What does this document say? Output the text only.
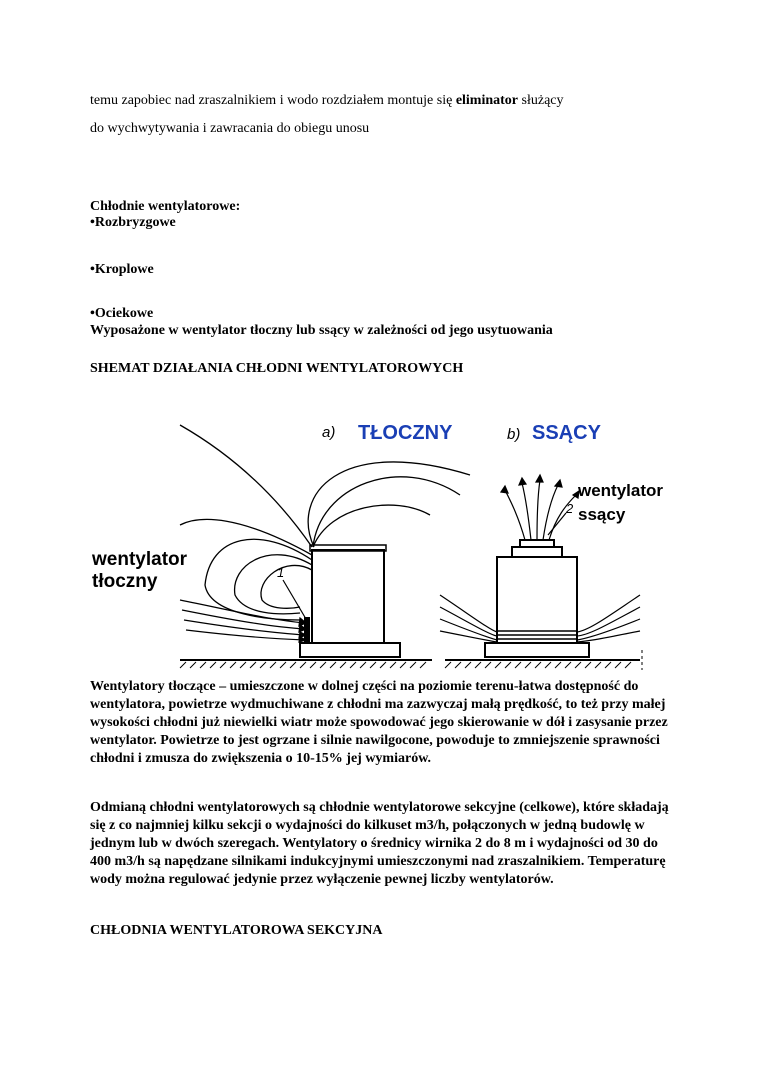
temu zapobiec nad zraszalnikiem i wodo rozdziałem montuje się eliminator służący
do wychwytywania i zawracania do obiegu unosu
Chłodnie wentylatorowe:
•Rozbryzgowe
•Kroplowe
•Ociekowe
Wyposażone w wentylator tłoczny lub ssący w zależności od jego usytuowania
SHEMAT DZIAŁANIA CHŁODNI WENTYLATOROWYCH
1
2
a) TŁOCZNY	b) SSĄCY
wentylator
tłoczny
wentylator
ssący
Wentylatory tłoczące – umieszczone w dolnej części na poziomie terenu-łatwa dostępność do wentylatora, powietrze wydmuchiwane z chłodni ma zazwyczaj małą prędkość, to też przy małej wysokości chłodni już niewielki wiatr może spowodować jego skierowanie w dół i zasysanie przez wentylator. Powietrze to jest ogrzane i silnie nawilgocone, powoduje to zmniejszenie sprawności chłodni i zmusza do zwiększenia o 10-15% jej wymiarów.
Odmianą chłodni wentylatorowych są chłodnie wentylatorowe sekcyjne (celkowe), które składają się z co najmniej kilku sekcji o wydajności do kilkuset m3/h, połączonych w jedną budowlę w jednym lub w dwóch szeregach. Wentylatory o średnicy wirnika 2 do 8 m i wydajności od 30 do 400 m3/h są napędzane silnikami indukcyjnymi umieszczonymi nad zraszalnikiem. Temperaturę wody można regulować jedynie przez wyłączenie pewnej liczby wentylatorów.
CHŁODNIA WENTYLATOROWA SEKCYJNA
